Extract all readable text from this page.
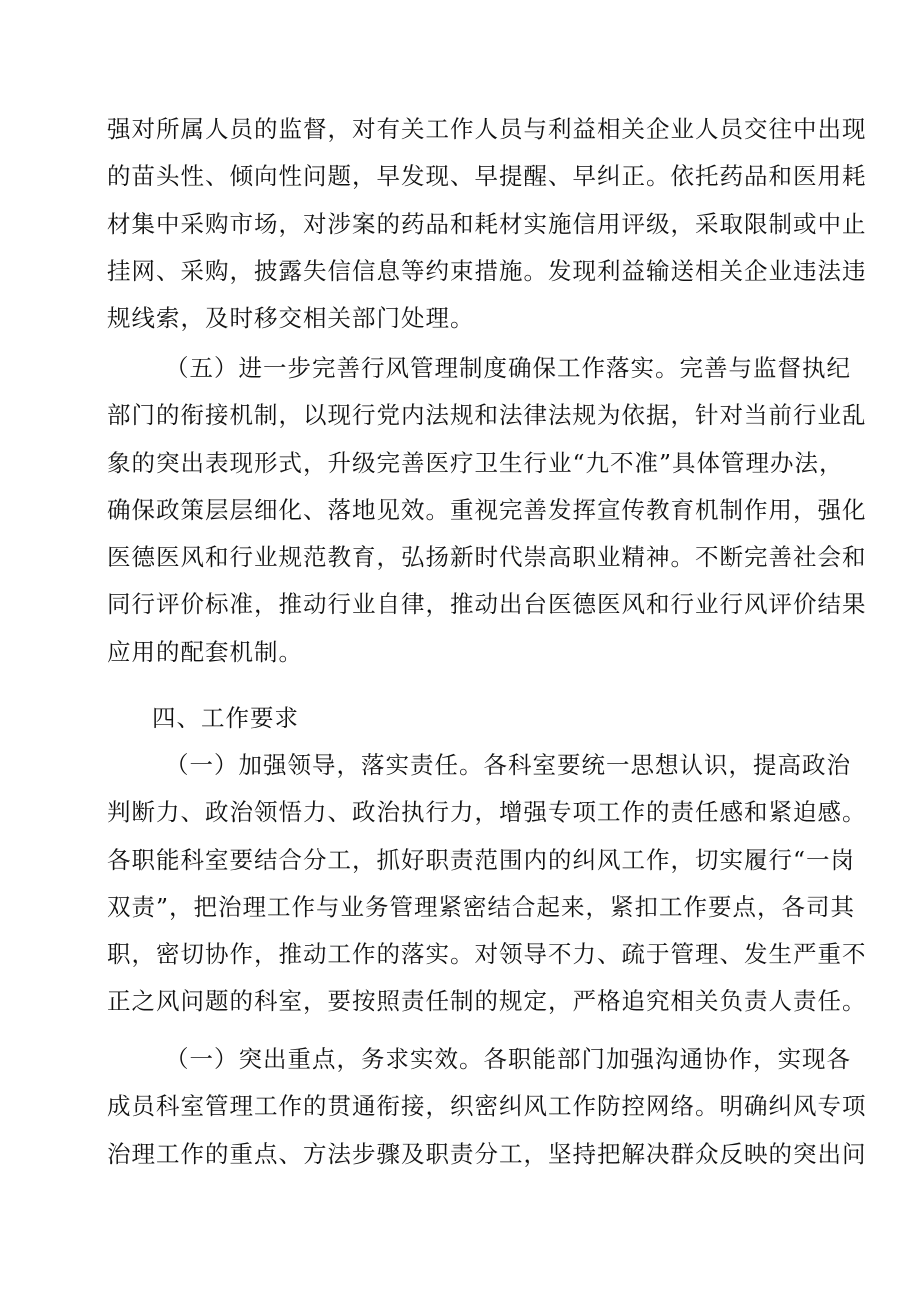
强对所属人员的监督，对有关工作人员与利益相关企业人员交往中出现
的苗头性、倾向性问题，早发现、早提醒、早纠正。依托药品和医用耗
材集中采购市场，对涉案的药品和耗材实施信用评级，采取限制或中止
挂网、采购，披露失信信息等约束措施。发现利益输送相关企业违法违
规线索，及时移交相关部门处理。
（五）进一步完善行风管理制度确保工作落实。完善与监督执纪
部门的衔接机制，以现行党内法规和法律法规为依据，针对当前行业乱
象的突出表现形式，升级完善医疗卫生行业“九不准”具体管理办法，
确保政策层层细化、落地见效。重视完善发挥宣传教育机制作用，强化
医德医风和行业规范教育，弘扬新时代崇高职业精神。不断完善社会和
同行评价标准，推动行业自律，推动出台医德医风和行业行风评价结果
应用的配套机制。
四、工作要求
（一）加强领导，落实责任。各科室要统一思想认识，提高政治
判断力、政治领悟力、政治执行力，增强专项工作的责任感和紧迫感。
各职能科室要结合分工，抓好职责范围内的纠风工作，切实履行“一岗
双责”，把治理工作与业务管理紧密结合起来，紧扣工作要点，各司其
职，密切协作，推动工作的落实。对领导不力、疏于管理、发生严重不
正之风问题的科室，要按照责任制的规定，严格追究相关负责人责任。
（一）突出重点，务求实效。各职能部门加强沟通协作，实现各
成员科室管理工作的贯通衔接，织密纠风工作防控网络。明确纠风专项
治理工作的重点、方法步骤及职责分工，坚持把解决群众反映的突出问
